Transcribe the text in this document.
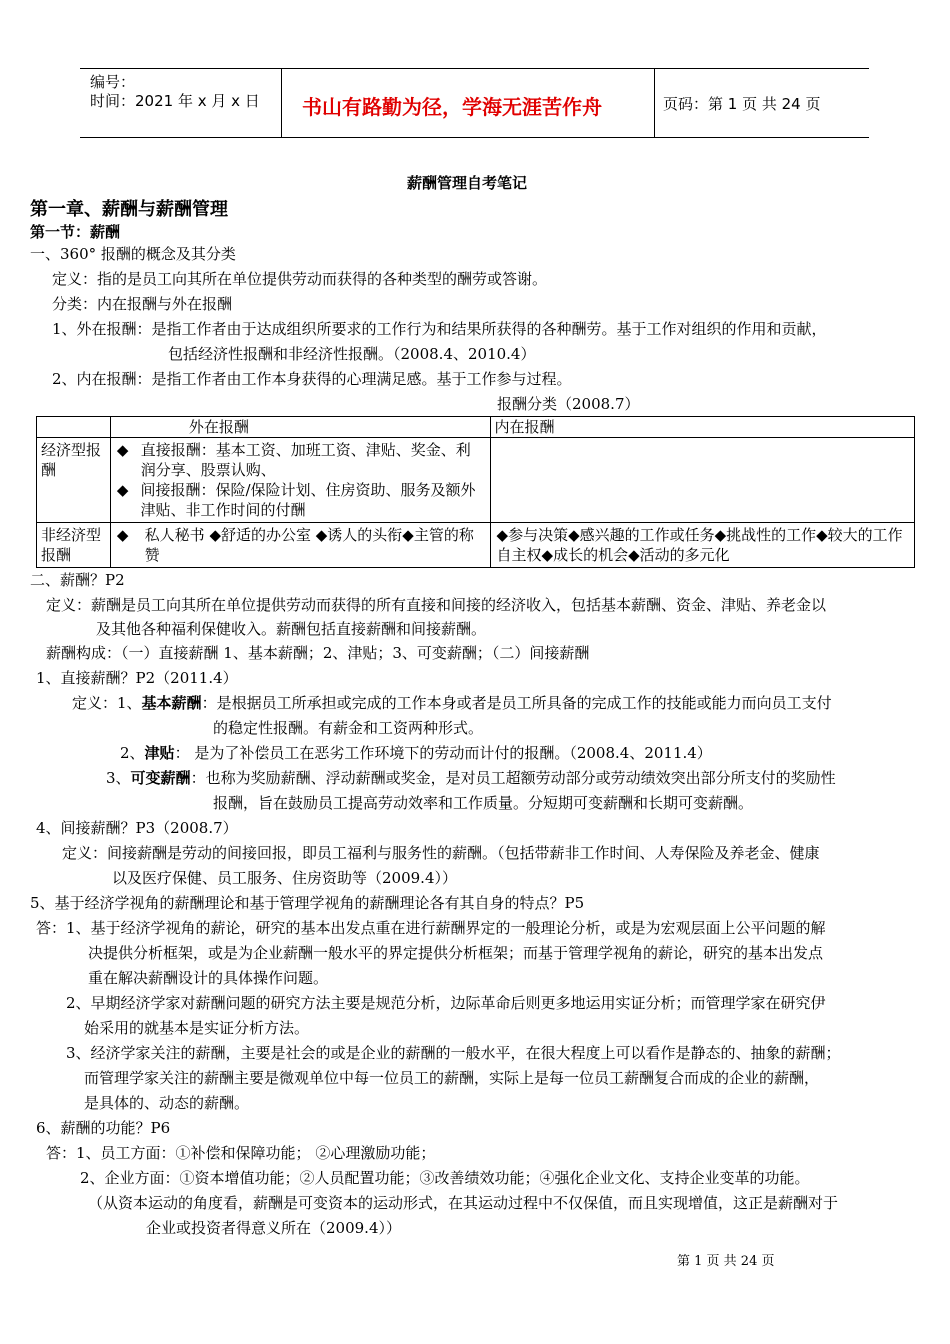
编号：
时间：2021 年 x 月 x 日 书山有路勤为径，学海无涯苦作舟	页码：第 1 页 共 24 页
薪酬管理自考笔记
第一章、薪酬与薪酬管理
第一节：薪酬
一、360° 报酬的概念及其分类
定义：指的是员工向其所在单位提供劳动而获得的各种类型的酬劳或答谢。
分类：内在报酬与外在报酬
1、外在报酬：是指工作者由于达成组织所要求的工作行为和结果所获得的各种酬劳。基于工作对组织的作用和贡献，
包括经济性报酬和非经济性报酬。（2008.4、2010.4）
2、内在报酬：是指工作者由工作本身获得的心理满足感。基于工作参与过程。
报酬分类（2008.7）
	外在报酬	内在报酬
经济型报酬	◆ 直接报酬：基本工资、加班工资、津贴、奖金、利润分享、股票认购、
◆ 间接报酬：保险/保险计划、住房资助、服务及额外津贴、非工作时间的付酬	

非经济型报酬	◆ 私人秘书 ◆舒适的办公室 ◆诱人的头衔◆主管的称赞	◆参与决策◆感兴趣的工作或任务◆挑战性的工作◆较大的工作自主权◆成长的机会◆活动的多元化
二、薪酬？P2
定义：薪酬是员工向其所在单位提供劳动而获得的所有直接和间接的经济收入，包括基本薪酬、资金、津贴、养老金以
及其他各种福利保健收入。薪酬包括直接薪酬和间接薪酬。
薪酬构成：（一）直接薪酬 1、基本薪酬；2、津贴；3、可变薪酬；（二）间接薪酬
1、直接薪酬？P2（2011.4）
定义：1、基本薪酬：是根据员工所承担或完成的工作本身或者是员工所具备的完成工作的技能或能力而向员工支付
的稳定性报酬。有薪金和工资两种形式。
2、津贴： 是为了补偿员工在恶劣工作环境下的劳动而计付的报酬。（2008.4、2011.4）
3、可变薪酬：也称为奖励薪酬、浮动薪酬或奖金，是对员工超额劳动部分或劳动绩效突出部分所支付的奖励性
报酬，旨在鼓励员工提高劳动效率和工作质量。分短期可变薪酬和长期可变薪酬。
4、间接薪酬？P3（2008.7）
定义：间接薪酬是劳动的间接回报，即员工福利与服务性的薪酬。（包括带薪非工作时间、人寿保险及养老金、健康
以及医疗保健、员工服务、住房资助等（2009.4））
5、基于经济学视角的薪酬理论和基于管理学视角的薪酬理论各有其自身的特点？P5
答：1、基于经济学视角的薪论，研究的基本出发点重在进行薪酬界定的一般理论分析，或是为宏观层面上公平问题的解
决提供分析框架，或是为企业薪酬一般水平的界定提供分析框架；而基于管理学视角的薪论，研究的基本出发点
重在解决薪酬设计的具体操作问题。
2、早期经济学家对薪酬问题的研究方法主要是规范分析，边际革命后则更多地运用实证分析；而管理学家在研究伊
始采用的就基本是实证分析方法。
3、经济学家关注的薪酬，主要是社会的或是企业的薪酬的一般水平，在很大程度上可以看作是静态的、抽象的薪酬；
而管理学家关注的薪酬主要是微观单位中每一位员工的薪酬，实际上是每一位员工薪酬复合而成的企业的薪酬，
是具体的、动态的薪酬。
6、薪酬的功能？P6
答：1、员工方面：①补偿和保障功能； ②心理激励功能；
2、企业方面：①资本增值功能；②人员配置功能；③改善绩效功能；④强化企业文化、支持企业变革的功能。
（从资本运动的角度看，薪酬是可变资本的运动形式，在其运动过程中不仅保值，而且实现增值，这正是薪酬对于
企业或投资者得意义所在（2009.4））
第 1 页 共 24 页
